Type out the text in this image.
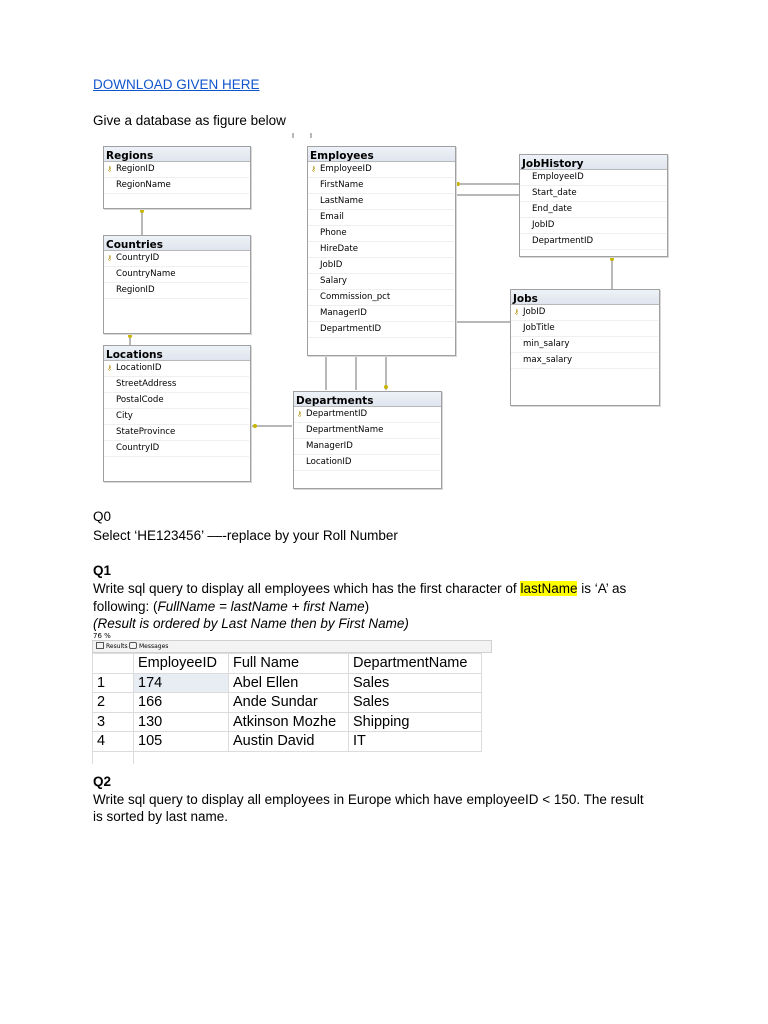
DOWNLOAD GIVEN HERE
Give a database as figure below
Regions
⚷ RegionID
RegionName
Countries
⚷ CountryID
CountryName
RegionID
Locations
⚷ LocationID
StreetAddress
PostalCode
City
StateProvince
CountryID
Employees
⚷ EmployeeID
FirstName
LastName
Email
Phone
HireDate
JobID
Salary
Commission_pct
ManagerID
DepartmentID
Departments
⚷ DepartmentID
DepartmentName
ManagerID
LocationID
JobHistory
EmployeeID
Start_date
End_date
JobID
DepartmentID
Jobs
⚷ JobID
JobTitle
min_salary
max_salary
Q0
Select ‘HE123456’ ––-replace by your Roll Number
Q1
Write sql query to display all employees which has the first character of lastName is ‘A’ as following: (FullName = lastName + first Name)
(Result is ordered by Last Name then by First Name)
76 %
Results	Messages
	EmployeeID	Full Name	DepartmentName
1	174	Abel Ellen	Sales
2	166	Ande Sundar	Sales
3	130	Atkinson Mozhe	Shipping
4	105	Austin David	IT

Q2
Write sql query to display all employees in Europe which have employeeID < 150. The result
is sorted by last name.
